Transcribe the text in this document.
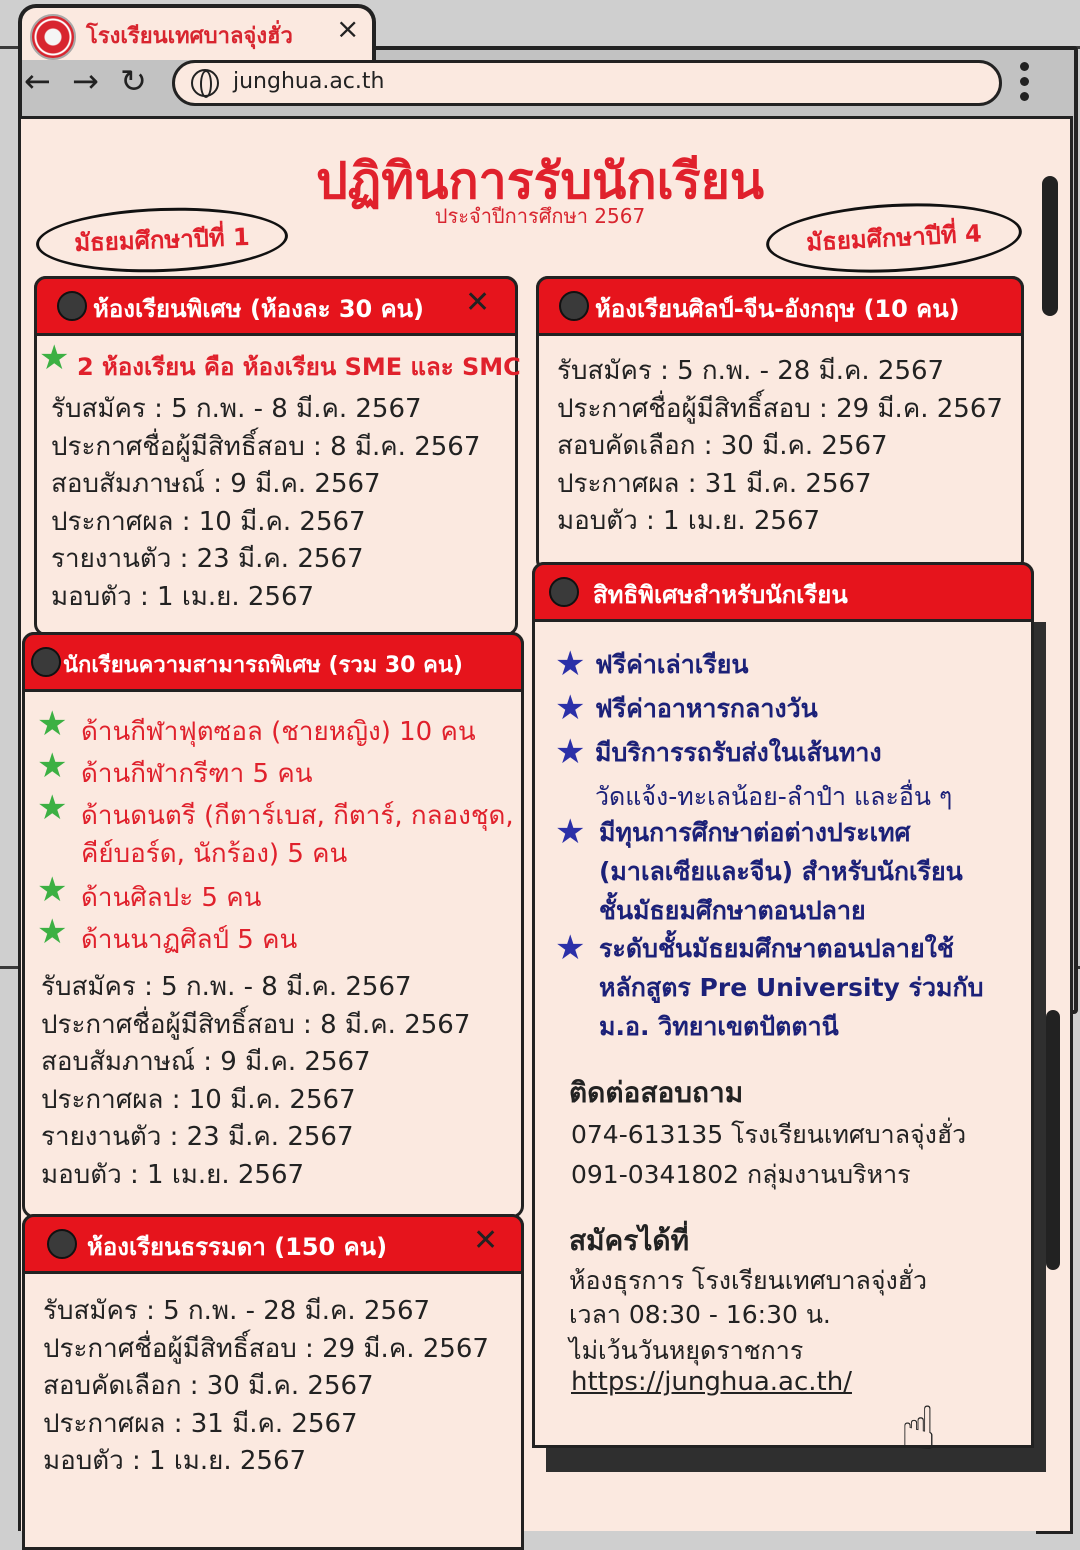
โรงเรียนเทศบาลจุ่งฮั่ว ×
← → ↻	junghua.ac.th
ปฏิทินการรับนักเรียน
ประจำปีการศึกษา 2567
มัธยมศึกษาปีที่ 1	มัธยมศึกษาปีที่ 4
ห้องเรียนพิเศษ (ห้องละ 30 คน) ✕
★ 2 ห้องเรียน คือ ห้องเรียน SME และ SMC
รับสมัคร : 5 ก.พ. - 8 มี.ค. 2567
ประกาศชื่อผู้มีสิทธิ์สอบ : 8 มี.ค. 2567
สอบสัมภาษณ์ : 9 มี.ค. 2567
ประกาศผล : 10 มี.ค. 2567
รายงานตัว : 23 มี.ค. 2567
มอบตัว : 1 เม.ย. 2567
ห้องเรียนศิลป์-จีน-อังกฤษ (10 คน)
รับสมัคร : 5 ก.พ. - 28 มี.ค. 2567
ประกาศชื่อผู้มีสิทธิ์สอบ : 29 มี.ค. 2567
สอบคัดเลือก : 30 มี.ค. 2567
ประกาศผล : 31 มี.ค. 2567
มอบตัว : 1 เม.ย. 2567
นักเรียนความสามารถพิเศษ (รวม 30 คน)
★ ด้านกีฬาฟุตซอล (ชายหญิง) 10 คน
★ ด้านกีฬากรีฑา 5 คน
★ ด้านดนตรี (กีตาร์เบส, กีตาร์, กลองชุด,
คีย์บอร์ด, นักร้อง) 5 คน
★ ด้านศิลปะ 5 คน
★ ด้านนาฏศิลป์ 5 คน
รับสมัคร : 5 ก.พ. - 8 มี.ค. 2567
ประกาศชื่อผู้มีสิทธิ์สอบ : 8 มี.ค. 2567
สอบสัมภาษณ์ : 9 มี.ค. 2567
ประกาศผล : 10 มี.ค. 2567
รายงานตัว : 23 มี.ค. 2567
มอบตัว : 1 เม.ย. 2567
ห้องเรียนธรรมดา (150 คน)	✕
รับสมัคร : 5 ก.พ. - 28 มี.ค. 2567
ประกาศชื่อผู้มีสิทธิ์สอบ : 29 มี.ค. 2567
สอบคัดเลือก : 30 มี.ค. 2567
ประกาศผล : 31 มี.ค. 2567
มอบตัว : 1 เม.ย. 2567
สิทธิพิเศษสำหรับนักเรียน
★ ฟรีค่าเล่าเรียน
★ ฟรีค่าอาหารกลางวัน
★ มีบริการรถรับส่งในเส้นทาง
วัดแจ้ง-ทะเลน้อย-ลำปำ และอื่น ๆ
★ มีทุนการศึกษาต่อต่างประเทศ
(มาเลเซียและจีน) สำหรับนักเรียน
ชั้นมัธยมศึกษาตอนปลาย
★ ระดับชั้นมัธยมศึกษาตอนปลายใช้
หลักสูตร Pre University ร่วมกับ
ม.อ. วิทยาเขตปัตตานี
ติดต่อสอบถาม
074-613135 โรงเรียนเทศบาลจุ่งฮั่ว
091-0341802 กลุ่มงานบริหาร
สมัครได้ที่
ห้องธุรการ โรงเรียนเทศบาลจุ่งฮั่ว
เวลา 08:30 - 16:30 น.
ไม่เว้นวันหยุดราชการ
https://junghua.ac.th/
☝
